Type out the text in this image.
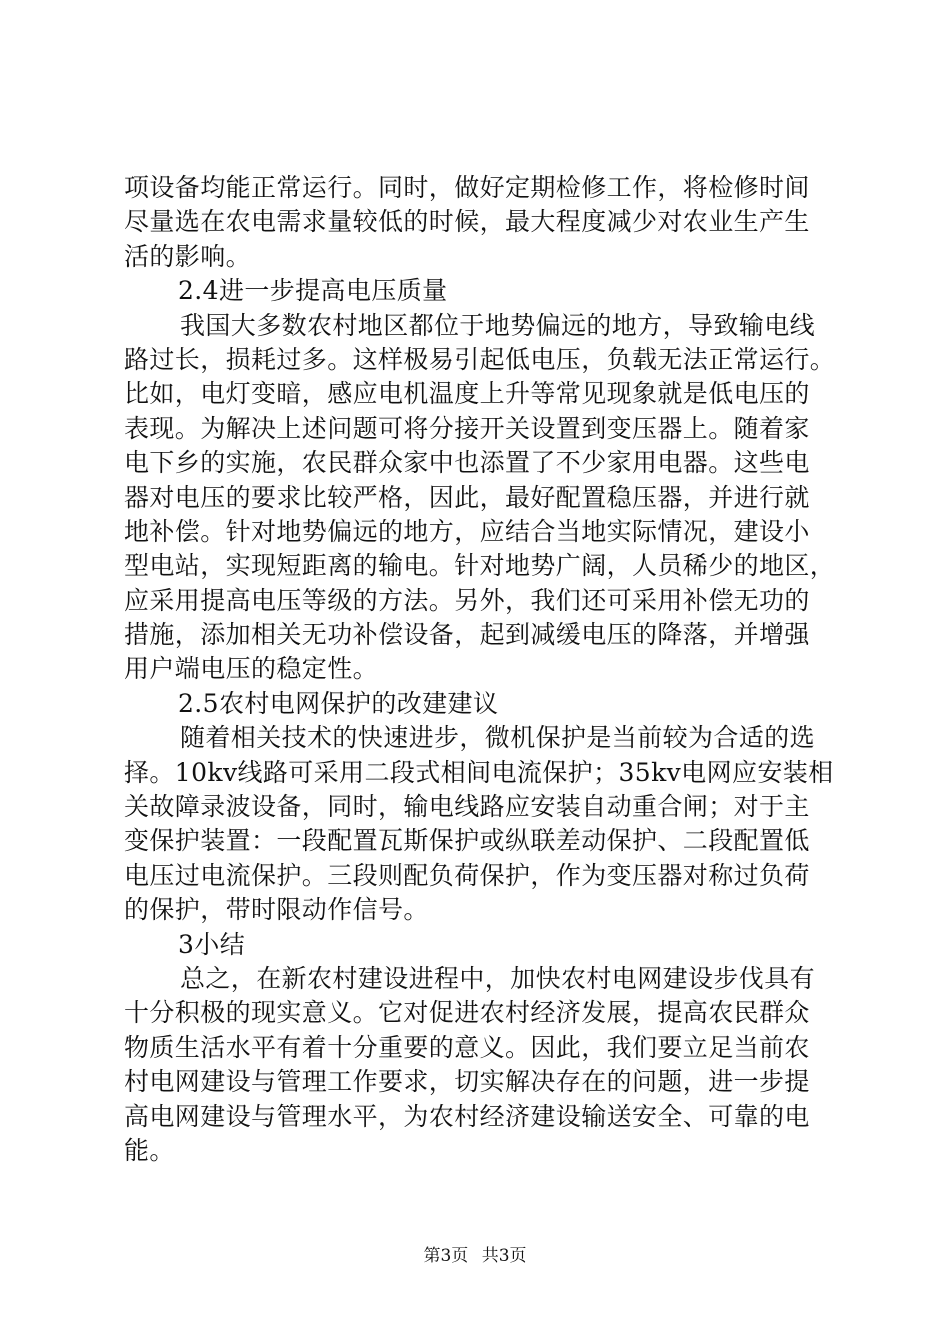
项设备均能正常运行。同时，做好定期检修工作，将检修时间
尽量选在农电需求量较低的时候，最大程度减少对农业生产生
活的影响。
2.4进一步提高电压质量
我国大多数农村地区都位于地势偏远的地方，导致输电线
路过长，损耗过多。这样极易引起低电压，负载无法正常运行。
比如，电灯变暗，感应电机温度上升等常见现象就是低电压的
表现。为解决上述问题可将分接开关设置到变压器上。随着家
电下乡的实施，农民群众家中也添置了不少家用电器。这些电
器对电压的要求比较严格，因此，最好配置稳压器，并进行就
地补偿。针对地势偏远的地方，应结合当地实际情况，建设小
型电站，实现短距离的输电。针对地势广阔，人员稀少的地区，
应采用提高电压等级的方法。另外，我们还可采用补偿无功的
措施，添加相关无功补偿设备，起到减缓电压的降落，并增强
用户端电压的稳定性。
2.5农村电网保护的改建建议
随着相关技术的快速进步，微机保护是当前较为合适的选
择。10kv线路可采用二段式相间电流保护；35kv电网应安装相
关故障录波设备，同时，输电线路应安装自动重合闸；对于主
变保护装置：一段配置瓦斯保护或纵联差动保护、二段配置低
电压过电流保护。三段则配负荷保护，作为变压器对称过负荷
的保护，带时限动作信号。
3小结
总之，在新农村建设进程中，加快农村电网建设步伐具有
十分积极的现实意义。它对促进农村经济发展，提高农民群众
物质生活水平有着十分重要的意义。因此，我们要立足当前农
村电网建设与管理工作要求，切实解决存在的问题，进一步提
高电网建设与管理水平，为农村经济建设输送安全、可靠的电
能。
第3页 共3页
